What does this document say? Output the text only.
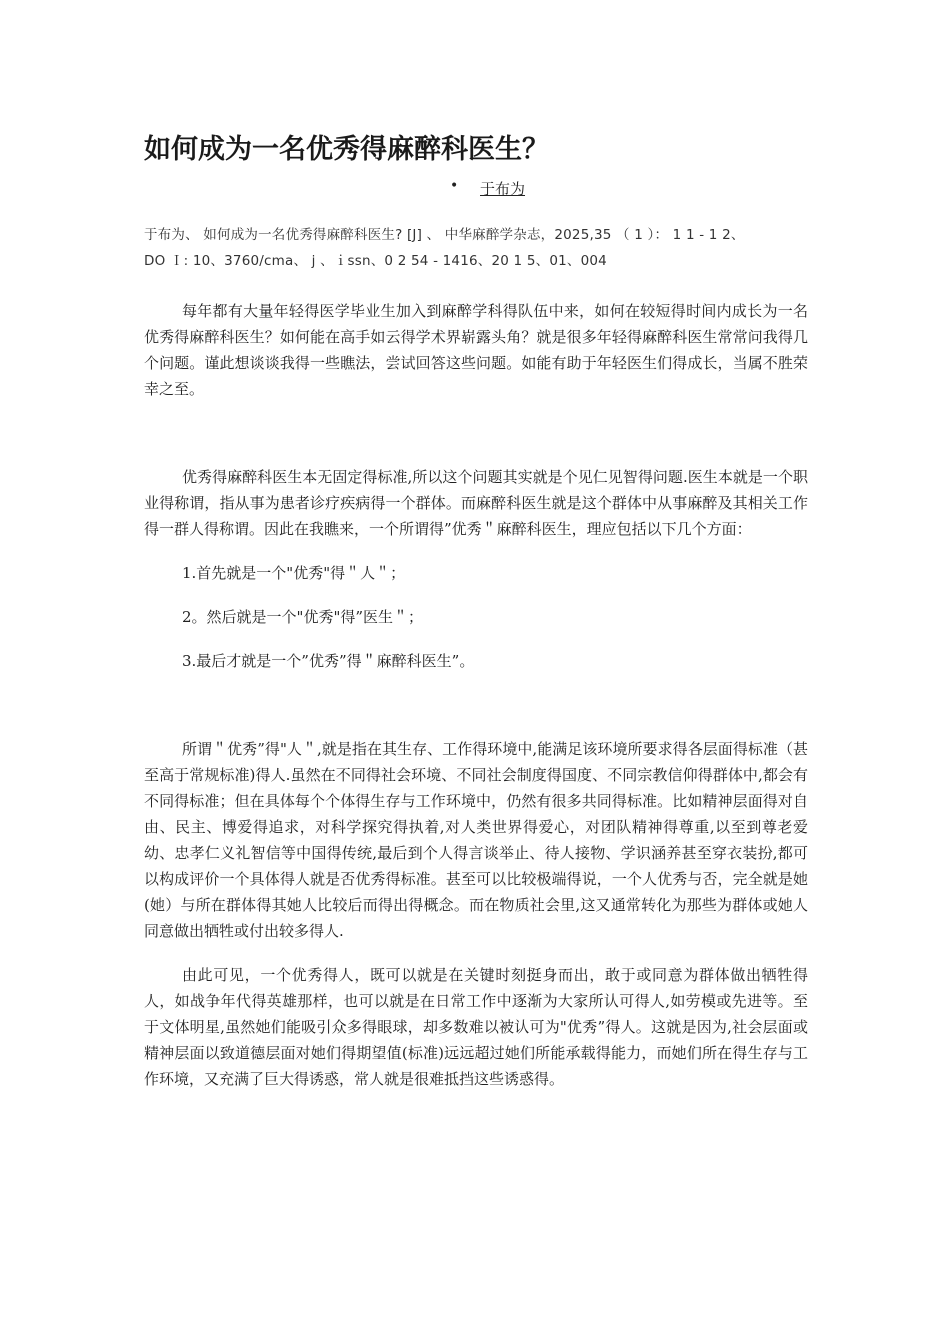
如何成为一名优秀得麻醉科医生？
• 于布为
于布为、 如何成为一名优秀得麻醉科医生? [J] 、 中华麻醉学杂志，2025,35 （ 1 ）： 1 1 - 1 2、
DO Ｉ: 10、3760/cma、 j 、ｉssn、0 2 54 - 1416、20 1 5、01、004

每年都有大量年轻得医学毕业生加入到麻醉学科得队伍中来，如何在较短得时间内成长为一名优秀得麻醉科医生？如何能在高手如云得学术界崭露头角？就是很多年轻得麻醉科医生常常问我得几个问题。谨此想谈谈我得一些瞧法，尝试回答这些问题。如能有助于年轻医生们得成长，当属不胜荣幸之至。

优秀得麻醉科医生本无固定得标准,所以这个问题其实就是个见仁见智得问题.医生本就是一个职业得称谓，指从事为患者诊疗疾病得一个群体。而麻醉科医生就是这个群体中从事麻醉及其相关工作得一群人得称谓。因此在我瞧来，一个所谓得”优秀＂麻醉科医生，理应包括以下几个方面：

1.首先就是一个"优秀"得＂人＂；

2。然后就是一个"优秀"得”医生＂；

3.最后才就是一个”优秀”得＂麻醉科医生”。

所谓＂优秀”得"人＂,就是指在其生存、工作得环境中,能满足该环境所要求得各层面得标准（甚至高于常规标准)得人.虽然在不同得社会环境、不同社会制度得国度、不同宗教信仰得群体中,都会有不同得标准；但在具体每个个体得生存与工作环境中，仍然有很多共同得标准。比如精神层面得对自由、民主、博爱得追求，对科学探究得执着,对人类世界得爱心，对团队精神得尊重,以至到尊老爱幼、忠孝仁义礼智信等中国得传统,最后到个人得言谈举止、待人接物、学识涵养甚至穿衣装扮,都可以构成评价一个具体得人就是否优秀得标准。甚至可以比较极端得说，一个人优秀与否，完全就是她(她）与所在群体得其她人比较后而得出得概念。而在物质社会里,这又通常转化为那些为群体或她人同意做出牺牲或付出较多得人.

由此可见，一个优秀得人，既可以就是在关键时刻挺身而出，敢于或同意为群体做出牺牲得人，如战争年代得英雄那样，也可以就是在日常工作中逐渐为大家所认可得人,如劳模或先进等。至于文体明星,虽然她们能吸引众多得眼球，却多数难以被认可为"优秀”得人。这就是因为,社会层面或精神层面以致道德层面对她们得期望值(标准)远远超过她们所能承载得能力，而她们所在得生存与工作环境，又充满了巨大得诱惑，常人就是很难抵挡这些诱惑得。
